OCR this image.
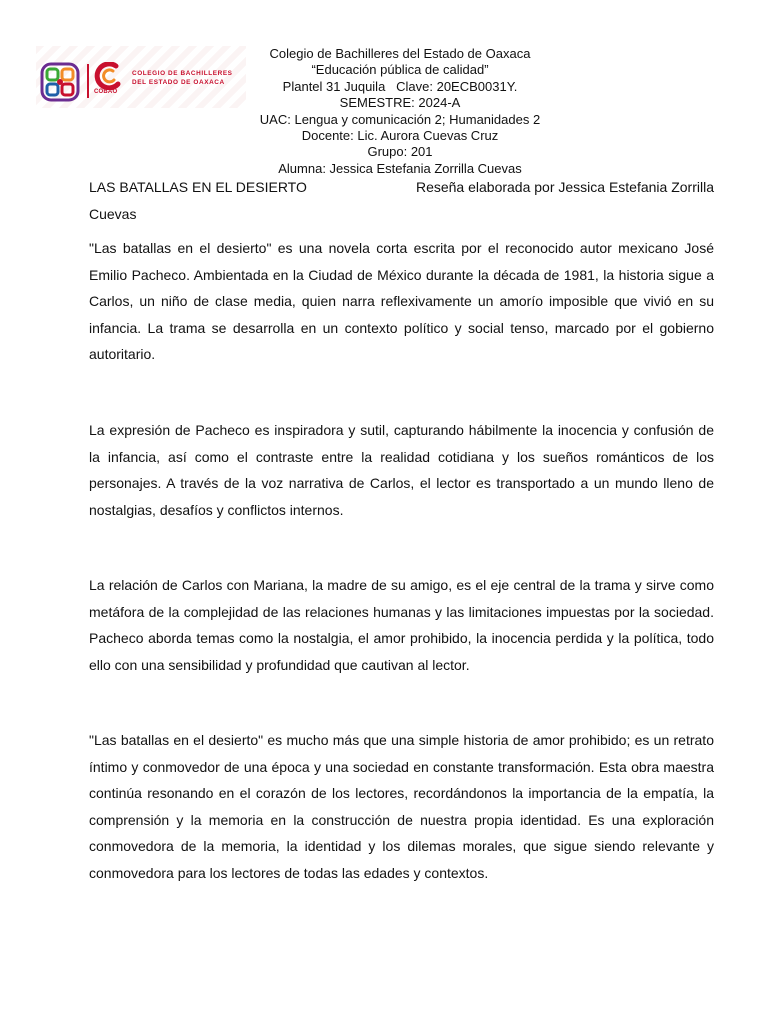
COBAO
COLEGIO DE BACHILLERES
DEL ESTADO DE OAXACA
Colegio de Bachilleres del Estado de Oaxaca
“Educación pública de calidad”
Plantel 31 Juquila   Clave: 20ECB0031Y.
SEMESTRE: 2024-A
UAC: Lengua y comunicación 2; Humanidades 2
Docente: Lic. Aurora Cuevas Cruz
Grupo: 201
Alumna: Jessica Estefania Zorrilla Cuevas
LAS BATALLAS EN EL DESIERTO	Reseña elaborada por Jessica Estefania Zorrilla
Cuevas

"Las batallas en el desierto" es una novela corta escrita por el reconocido autor mexicano José Emilio Pacheco. Ambientada en la Ciudad de México durante la década de 1981, la historia sigue a Carlos, un niño de clase media, quien narra reflexivamente un amorío imposible que vivió en su infancia. La trama se desarrolla en un contexto político y social tenso, marcado por el gobierno autoritario.

La expresión de Pacheco es inspiradora y sutil, capturando hábilmente la inocencia y confusión de la infancia, así como el contraste entre la realidad cotidiana y los sueños románticos de los personajes. A través de la voz narrativa de Carlos, el lector es transportado a un mundo lleno de nostalgias, desafíos y conflictos internos.

La relación de Carlos con Mariana, la madre de su amigo, es el eje central de la trama y sirve como metáfora de la complejidad de las relaciones humanas y las limitaciones impuestas por la sociedad. Pacheco aborda temas como la nostalgia, el amor prohibido, la inocencia perdida y la política, todo ello con una sensibilidad y profundidad que cautivan al lector.

"Las batallas en el desierto" es mucho más que una simple historia de amor prohibido; es un retrato íntimo y conmovedor de una época y una sociedad en constante transformación. Esta obra maestra continúa resonando en el corazón de los lectores, recordándonos la importancia de la empatía, la comprensión y la memoria en la construcción de nuestra propia identidad. Es una exploración conmovedora de la memoria, la identidad y los dilemas morales, que sigue siendo relevante y conmovedora para los lectores de todas las edades y contextos.
